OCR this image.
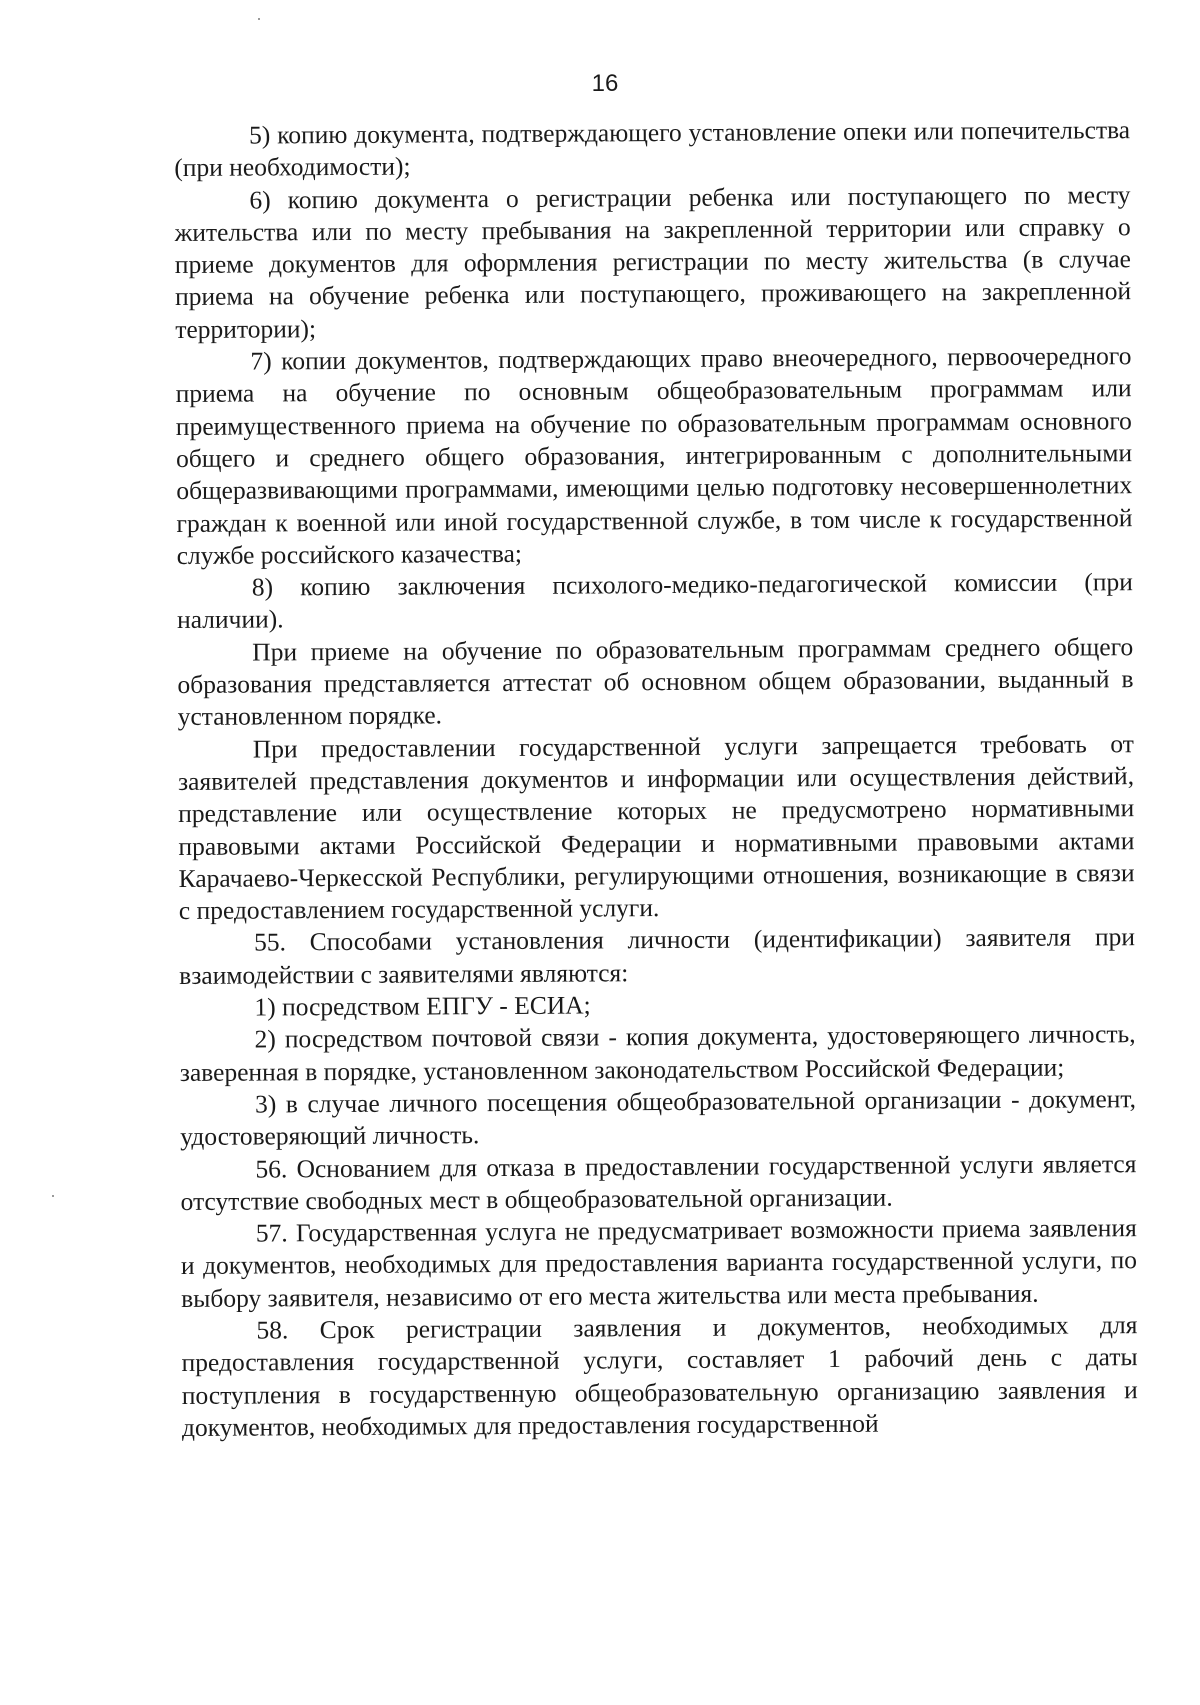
16

5) копию документа, подтверждающего установление опеки или попечительства (при необходимости);

6) копию документа о регистрации ребенка или поступающего по месту жительства или по месту пребывания на закрепленной территории или справку о приеме документов для оформления регистрации по месту жительства (в случае приема на обучение ребенка или поступающего, проживающего на закрепленной территории);

7) копии документов, подтверждающих право внеочередного, первоочередного приема на обучение по основным общеобразовательным программам или преимущественного приема на обучение по образовательным программам основного общего и среднего общего образования, интегрированным с дополнительными общеразвивающими программами, имеющими целью подготовку несовершеннолетних граждан к военной или иной государственной службе, в том числе к государственной службе российского казачества;

8) копию заключения психолого-медико-педагогической комиссии (при наличии).

При приеме на обучение по образовательным программам среднего общего образования представляется аттестат об основном общем образовании, выданный в установленном порядке.

При предоставлении государственной услуги запрещается требовать от заявителей представления документов и информации или осуществления действий, представление или осуществление которых не предусмотрено нормативными правовыми актами Российской Федерации и нормативными правовыми актами Карачаево-Черкесской Республики, регулирующими отношения, возникающие в связи с предоставлением государственной услуги.

55. Способами установления личности (идентификации) заявителя при взаимодействии с заявителями являются:

1) посредством ЕПГУ - ЕСИА;

2) посредством почтовой связи - копия документа, удостоверяющего личность, заверенная в порядке, установленном законодательством Российской Федерации;

3) в случае личного посещения общеобразовательной организации - документ, удостоверяющий личность.

56. Основанием для отказа в предоставлении государственной услуги является отсутствие свободных мест в общеобразовательной организации.

57. Государственная услуга не предусматривает возможности приема заявления и документов, необходимых для предоставления варианта государственной услуги, по выбору заявителя, независимо от его места жительства или места пребывания.

58. Срок регистрации заявления и документов, необходимых для предоставления государственной услуги, составляет 1 рабочий день с даты поступления в государственную общеобразовательную организацию заявления и документов, необходимых для предоставления государственной
